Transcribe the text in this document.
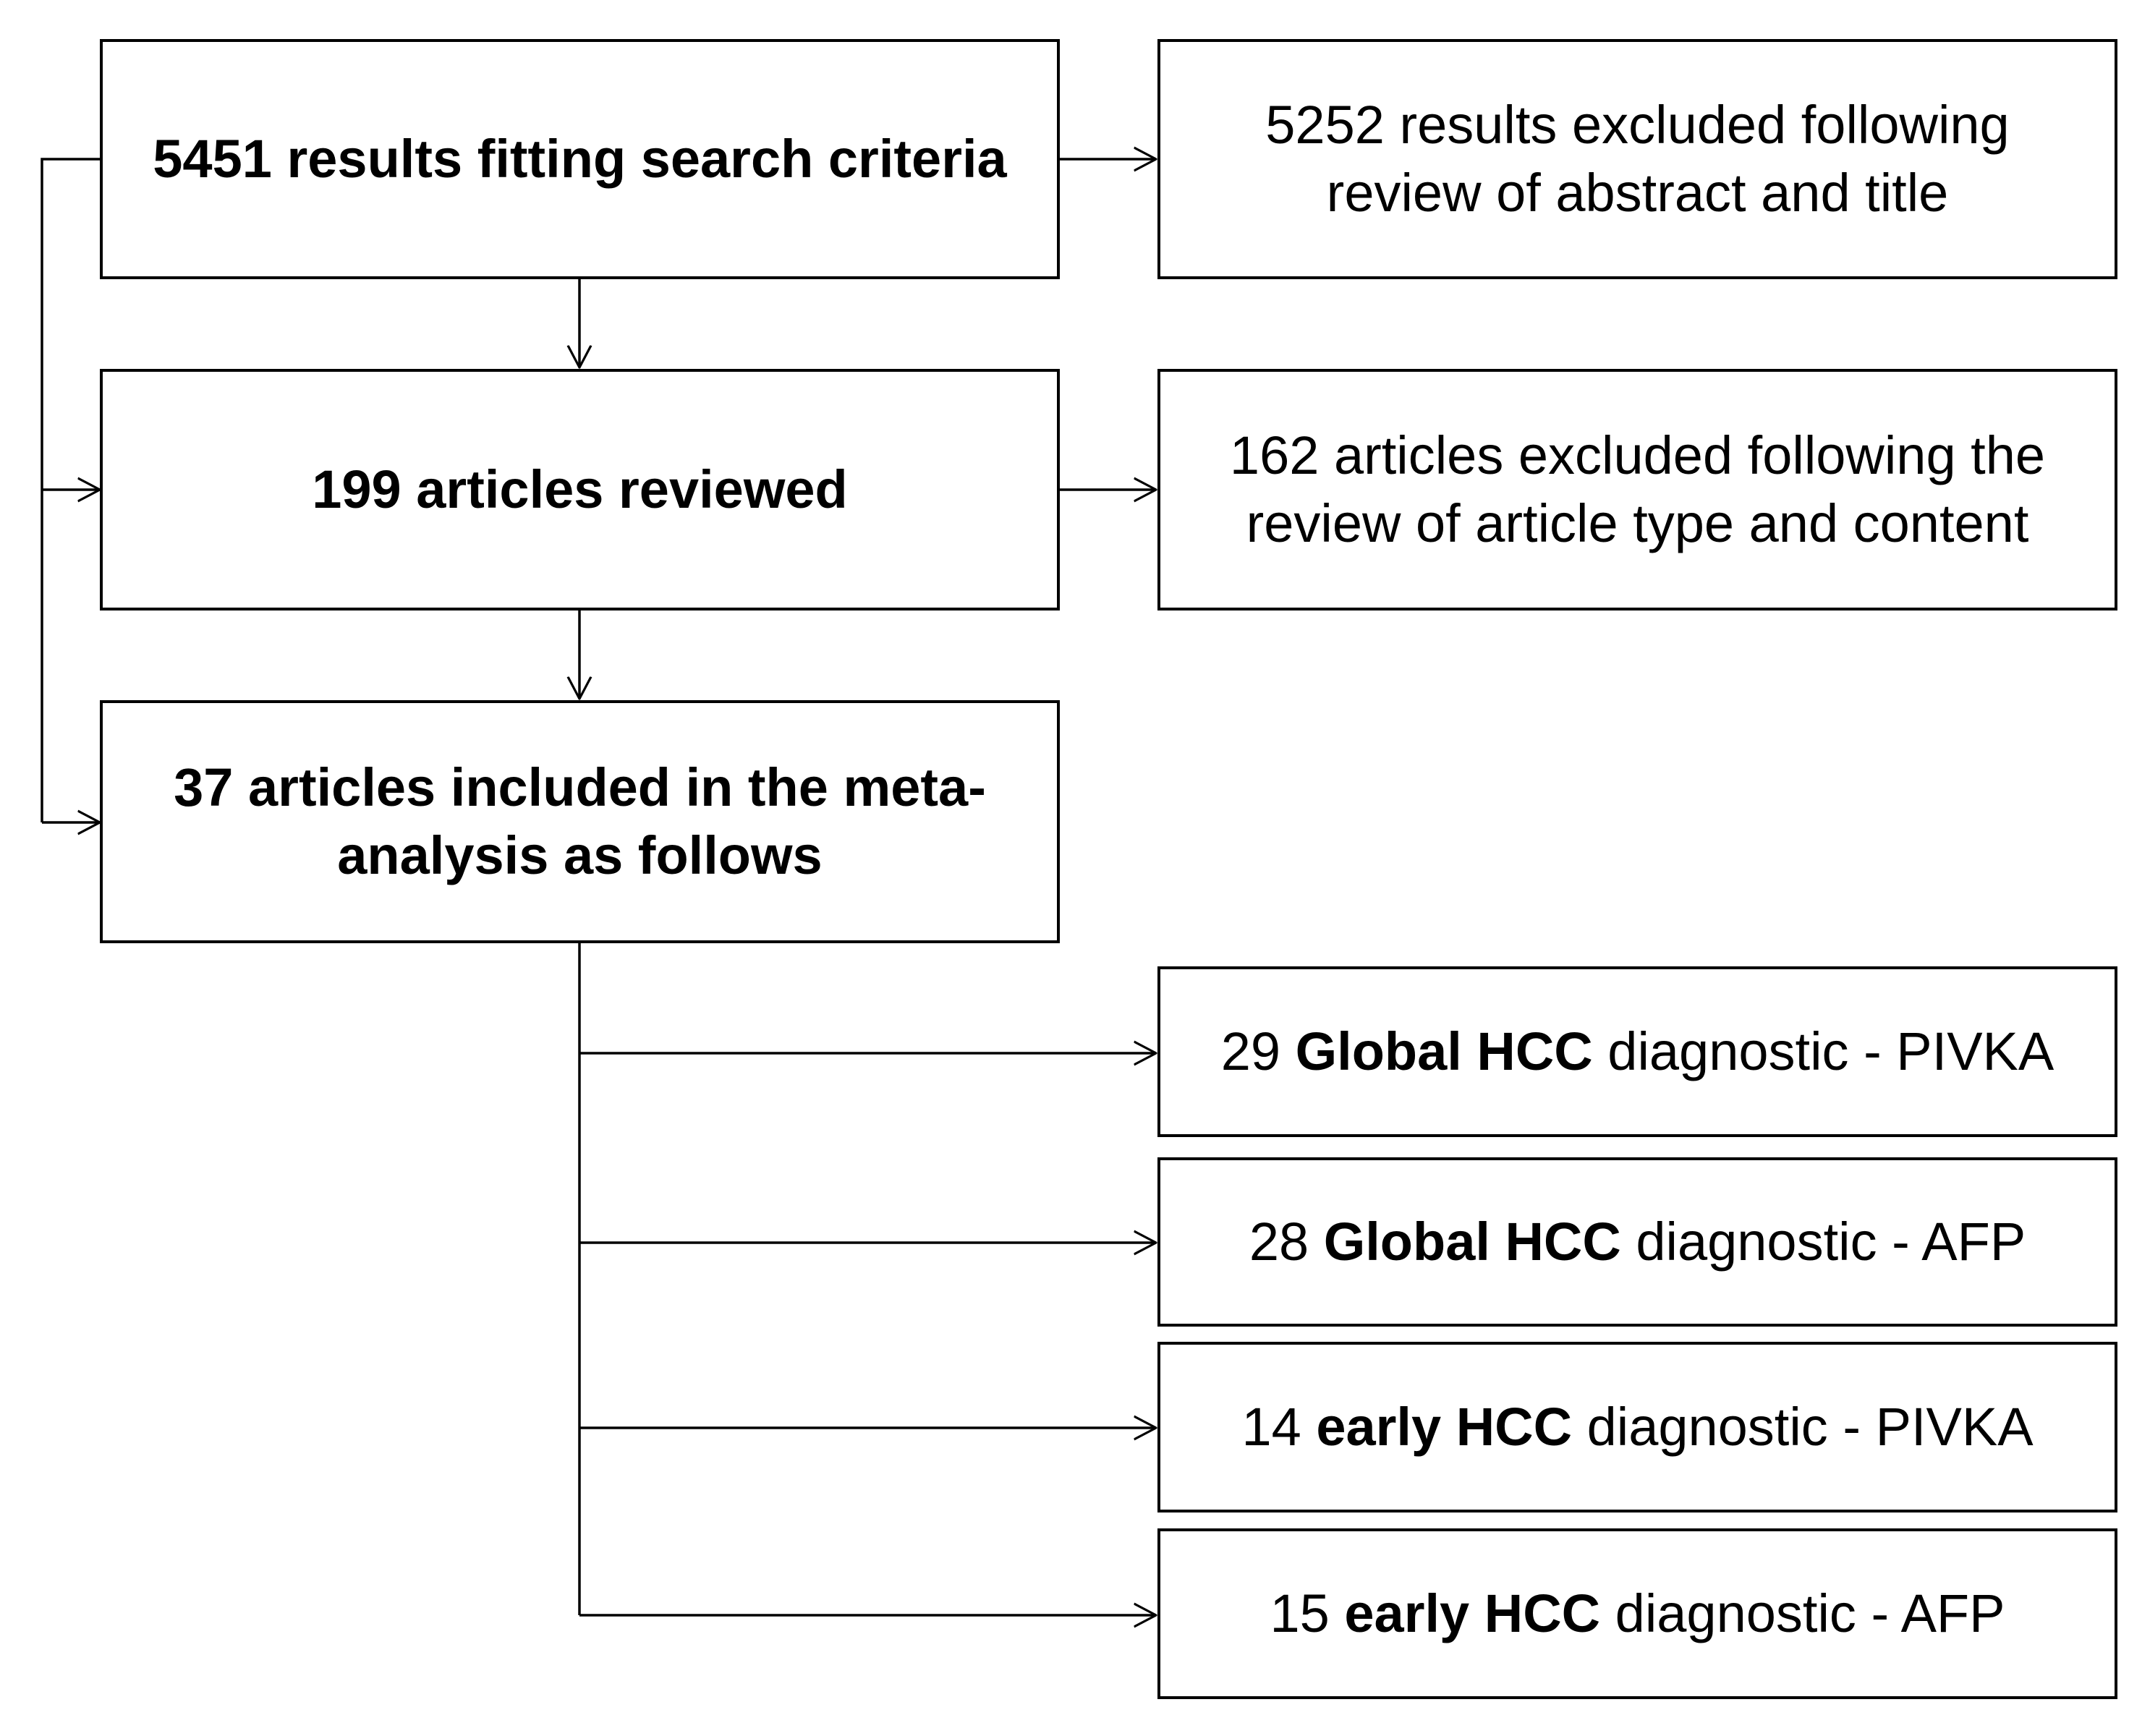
5451 results fitting search criteria
199 articles reviewed
37 articles included in the meta-
analysis as follows
5252 results excluded following
review of abstract and title
162 articles excluded following the
review of article type and content
29 Global HCC diagnostic - PIVKA
28 Global HCC diagnostic - AFP
14 early HCC diagnostic - PIVKA
15 early HCC diagnostic - AFP
